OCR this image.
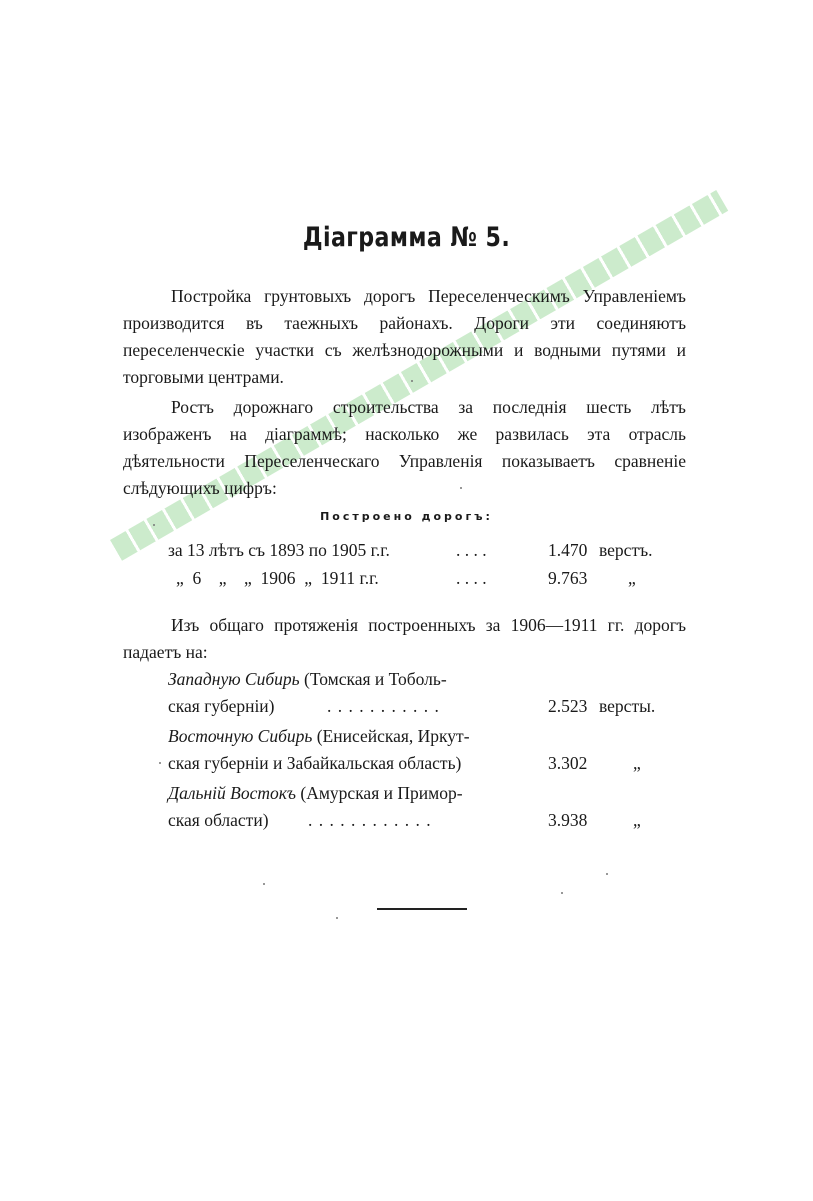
Діаграмма № 5.

Постройка грунтовыхъ дорогъ Переселенческимъ Управленіемъ производится въ таежныхъ районахъ. Дороги эти соединяютъ переселенческіе участки съ желѣзнодорожными и водными путями и торговыми центрами.

Ростъ дорожнаго строительства за последнія шесть лѣтъ изображенъ на діаграммѣ; насколько же развилась эта отрасль дѣятельности Переселенческаго Управленія показываетъ сравненіе слѣдующихъ цифръ:

Построено дорогъ:
за 13 лѣтъ съ 1893 по 1905 г.г.	. . . .	1.470 верстъ.
„  6    „    „  1906  „  1911 г.г.	. . . .	9.763 „

Изъ общаго протяженія построенныхъ за 1906—1911 гг. дорогъ падаетъ на:

Западную Сибирь (Томская и Тоболь-
ская губерніи)	. . . . . . . . . . .	2.523 версты.
Восточную Сибирь (Енисейская, Иркут-
ская губерніи и Забайкальская область)	3.302	„
Дальній Востокъ (Амурская и Примор-
ская области) . . . . . . . . . . . .	3.938	„
